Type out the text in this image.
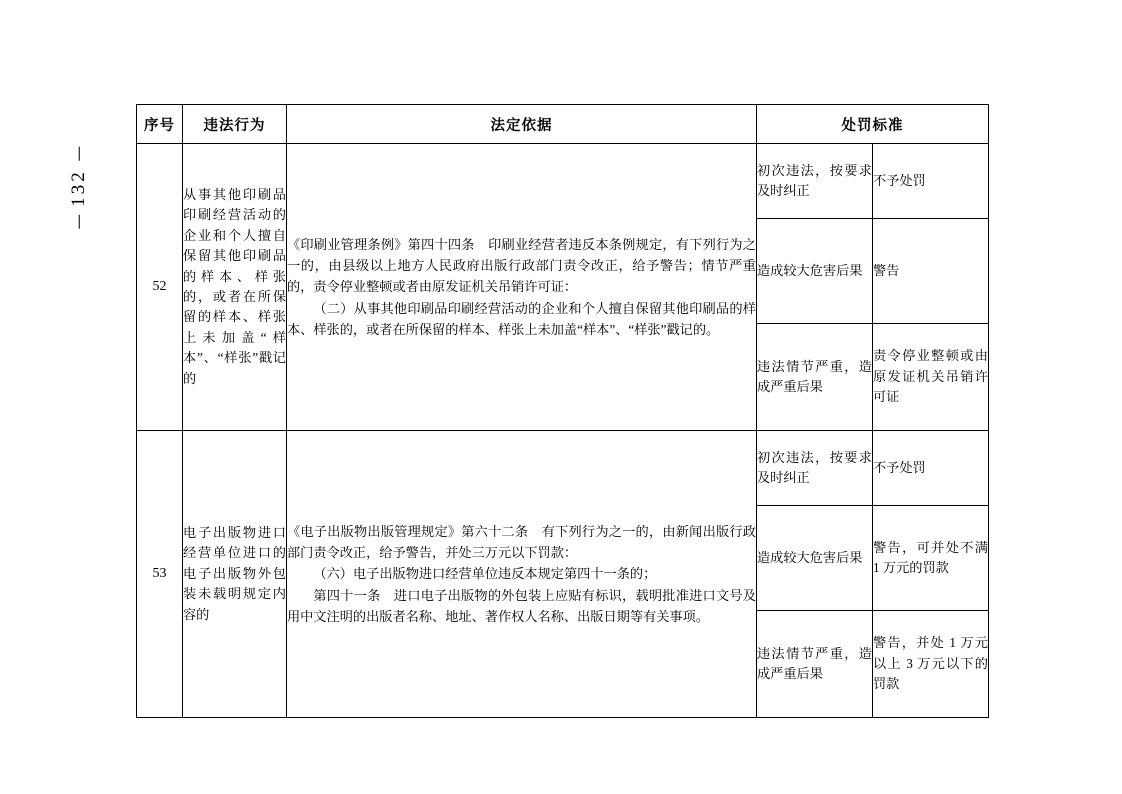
132
序号	违法行为	法定依据	处罚标准	
52	从事其他印刷品印刷经营活动的企业和个人擅自保留其他印刷品的样本、样张的，或者在所保留的样本、样张上未加盖“样本”、“样张”戳记的	《印刷业管理条例》第四十四条　印刷业经营者违反本条例规定，有下列行为之一的，由县级以上地方人民政府出版行政部门责令改正，给予警告；情节严重的，责令停业整顿或者由原发证机关吊销许可证：

（二）从事其他印刷品印刷经营活动的企业和个人擅自保留其他印刷品的样本、样张的，或者在所保留的样本、样张上未加盖“样本”、“样张”戳记的。	初次违法，按要求及时纠正	不予处罚
			造成较大危害后果	警告
			违法情节严重，造成严重后果	责令停业整顿或由原发证机关吊销许可证
53	电子出版物进口经营单位进口的电子出版物外包装未载明规定内容的	《电子出版物出版管理规定》第六十二条　有下列行为之一的，由新闻出版行政部门责令改正，给予警告，并处三万元以下罚款：

（六）电子出版物进口经营单位违反本规定第四十一条的；

第四十一条　进口电子出版物的外包装上应贴有标识，载明批准进口文号及用中文注明的出版者名称、地址、著作权人名称、出版日期等有关事项。	初次违法，按要求及时纠正	不予处罚
			造成较大危害后果	警告，可并处不满 1 万元的罚款
			违法情节严重，造成严重后果	警告，并处 1 万元以上 3 万元以下的罚款
